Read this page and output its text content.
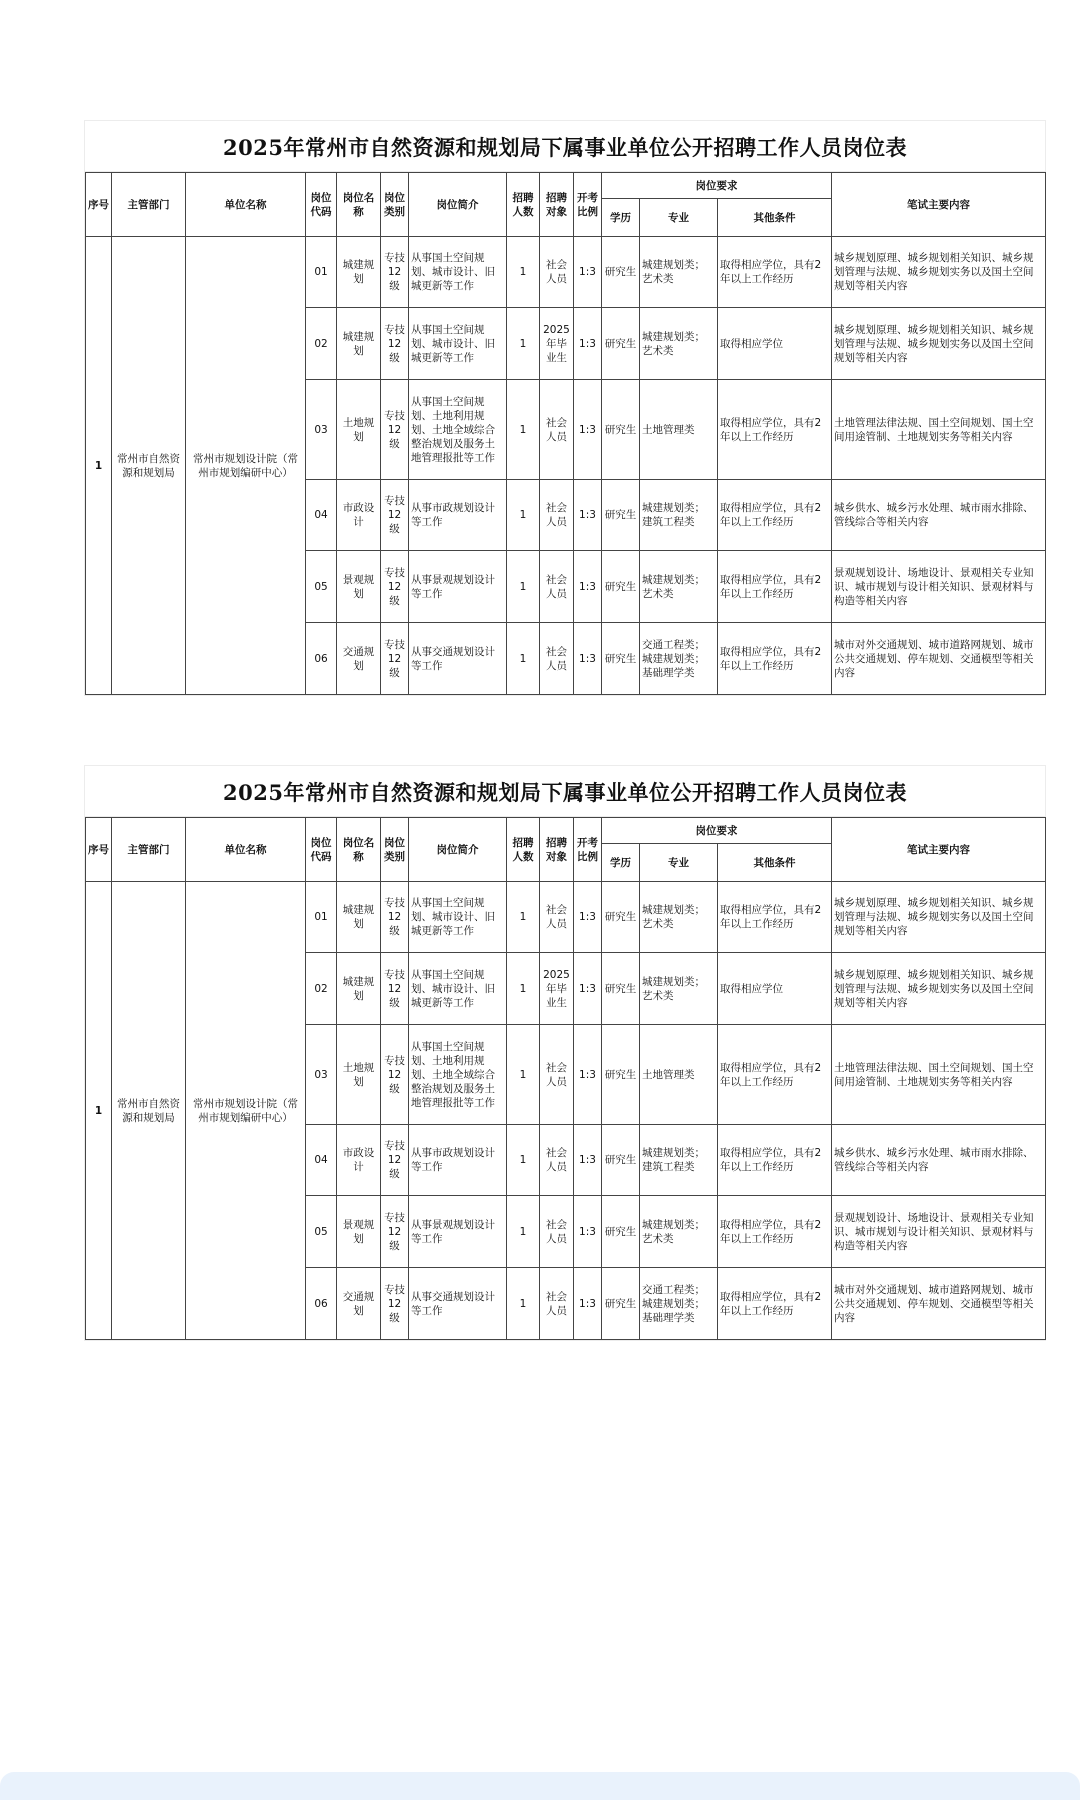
2025年常州市自然资源和规划局下属事业单位公开招聘工作人员岗位表
序号	主管部门	单位名称	岗位代码	岗位名称	岗位类别	岗位简介	招聘人数	招聘对象	开考比例	岗位要求			笔试主要内容
										学历	专业	其他条件	
1	常州市自然资源和规划局	常州市规划设计院（常州市规划编研中心）	01	城建规划	专技12级	从事国土空间规划、城市设计、旧城更新等工作	1	社会人员	1:3	研究生	城建规划类；艺术类	取得相应学位，具有2年以上工作经历	城乡规划原理、城乡规划相关知识、城乡规划管理与法规、城乡规划实务以及国土空间规划等相关内容
			02	城建规划	专技12级	从事国土空间规划、城市设计、旧城更新等工作	1	2025年毕业生	1:3	研究生	城建规划类；艺术类	取得相应学位	城乡规划原理、城乡规划相关知识、城乡规划管理与法规、城乡规划实务以及国土空间规划等相关内容
			03	土地规划	专技12级	从事国土空间规划、土地利用规划、土地全域综合整治规划及服务土地管理报批等工作	1	社会人员	1:3	研究生	土地管理类	取得相应学位，具有2年以上工作经历	土地管理法律法规、国土空间规划、国土空间用途管制、土地规划实务等相关内容
			04	市政设计	专技12级	从事市政规划设计等工作	1	社会人员	1:3	研究生	城建规划类；建筑工程类	取得相应学位，具有2年以上工作经历	城乡供水、城乡污水处理、城市雨水排除、管线综合等相关内容
			05	景观规划	专技12级	从事景观规划设计等工作	1	社会人员	1:3	研究生	城建规划类；艺术类	取得相应学位，具有2年以上工作经历	景观规划设计、场地设计、景观相关专业知识、城市规划与设计相关知识、景观材料与构造等相关内容
			06	交通规划	专技12级	从事交通规划设计等工作	1	社会人员	1:3	研究生	交通工程类；城建规划类；基础理学类	取得相应学位，具有2年以上工作经历	城市对外交通规划、城市道路网规划、城市公共交通规划、停车规划、交通模型等相关内容
2025年常州市自然资源和规划局下属事业单位公开招聘工作人员岗位表
序号	主管部门	单位名称	岗位代码	岗位名称	岗位类别	岗位简介	招聘人数	招聘对象	开考比例	岗位要求			笔试主要内容
										学历	专业	其他条件	
1	常州市自然资源和规划局	常州市规划设计院（常州市规划编研中心）	01	城建规划	专技12级	从事国土空间规划、城市设计、旧城更新等工作	1	社会人员	1:3	研究生	城建规划类；艺术类	取得相应学位，具有2年以上工作经历	城乡规划原理、城乡规划相关知识、城乡规划管理与法规、城乡规划实务以及国土空间规划等相关内容
			02	城建规划	专技12级	从事国土空间规划、城市设计、旧城更新等工作	1	2025年毕业生	1:3	研究生	城建规划类；艺术类	取得相应学位	城乡规划原理、城乡规划相关知识、城乡规划管理与法规、城乡规划实务以及国土空间规划等相关内容
			03	土地规划	专技12级	从事国土空间规划、土地利用规划、土地全域综合整治规划及服务土地管理报批等工作	1	社会人员	1:3	研究生	土地管理类	取得相应学位，具有2年以上工作经历	土地管理法律法规、国土空间规划、国土空间用途管制、土地规划实务等相关内容
			04	市政设计	专技12级	从事市政规划设计等工作	1	社会人员	1:3	研究生	城建规划类；建筑工程类	取得相应学位，具有2年以上工作经历	城乡供水、城乡污水处理、城市雨水排除、管线综合等相关内容
			05	景观规划	专技12级	从事景观规划设计等工作	1	社会人员	1:3	研究生	城建规划类；艺术类	取得相应学位，具有2年以上工作经历	景观规划设计、场地设计、景观相关专业知识、城市规划与设计相关知识、景观材料与构造等相关内容
			06	交通规划	专技12级	从事交通规划设计等工作	1	社会人员	1:3	研究生	交通工程类；城建规划类；基础理学类	取得相应学位，具有2年以上工作经历	城市对外交通规划、城市道路网规划、城市公共交通规划、停车规划、交通模型等相关内容
